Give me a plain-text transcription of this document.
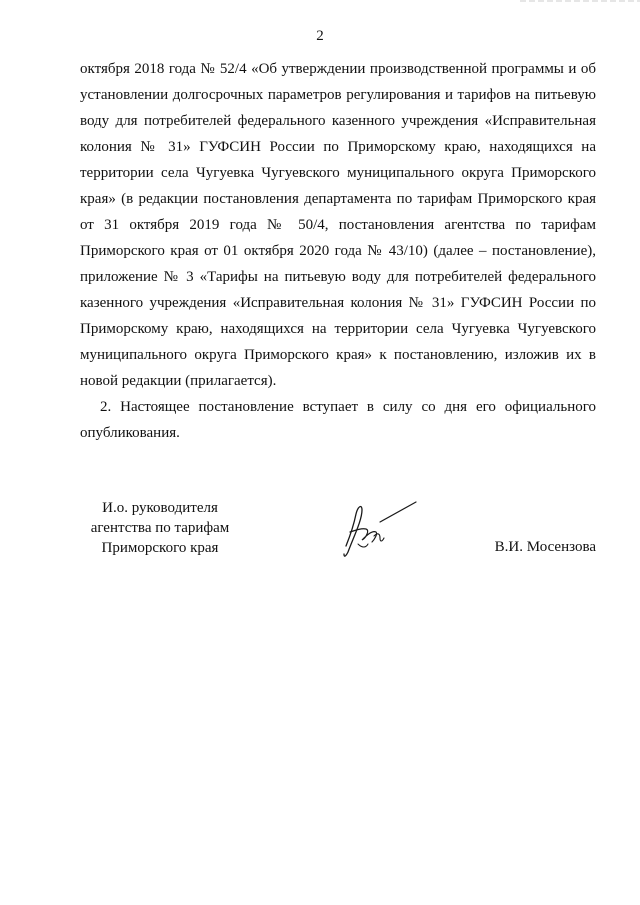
2

октября 2018 года № 52/4 «Об утверждении производственной программы и об установлении долгосрочных параметров регулирования и тарифов на питьевую воду для потребителей федерального казенного учреждения «Исправительная колония № 31» ГУФСИН России по Приморскому краю, находящихся на территории села Чугуевка Чугуевского муниципального округа Приморского края» (в редакции постановления департамента по тарифам Приморского края от 31 октября 2019 года № 50/4, постановления агентства по тарифам Приморского края от 01 октября 2020 года № 43/10) (далее – постановление), приложение № 3 «Тарифы на питьевую воду для потребителей федерального казенного учреждения «Исправительная колония № 31» ГУФСИН России по Приморскому краю, находящихся на территории села Чугуевка Чугуевского муниципального округа Приморского края» к постановлению, изложив их в новой редакции (прилагается).

2. Настоящее постановление вступает в силу со дня его официального опубликования.

И.о. руководителя
агентства по тарифам
Приморского края	В.И. Мосензова
